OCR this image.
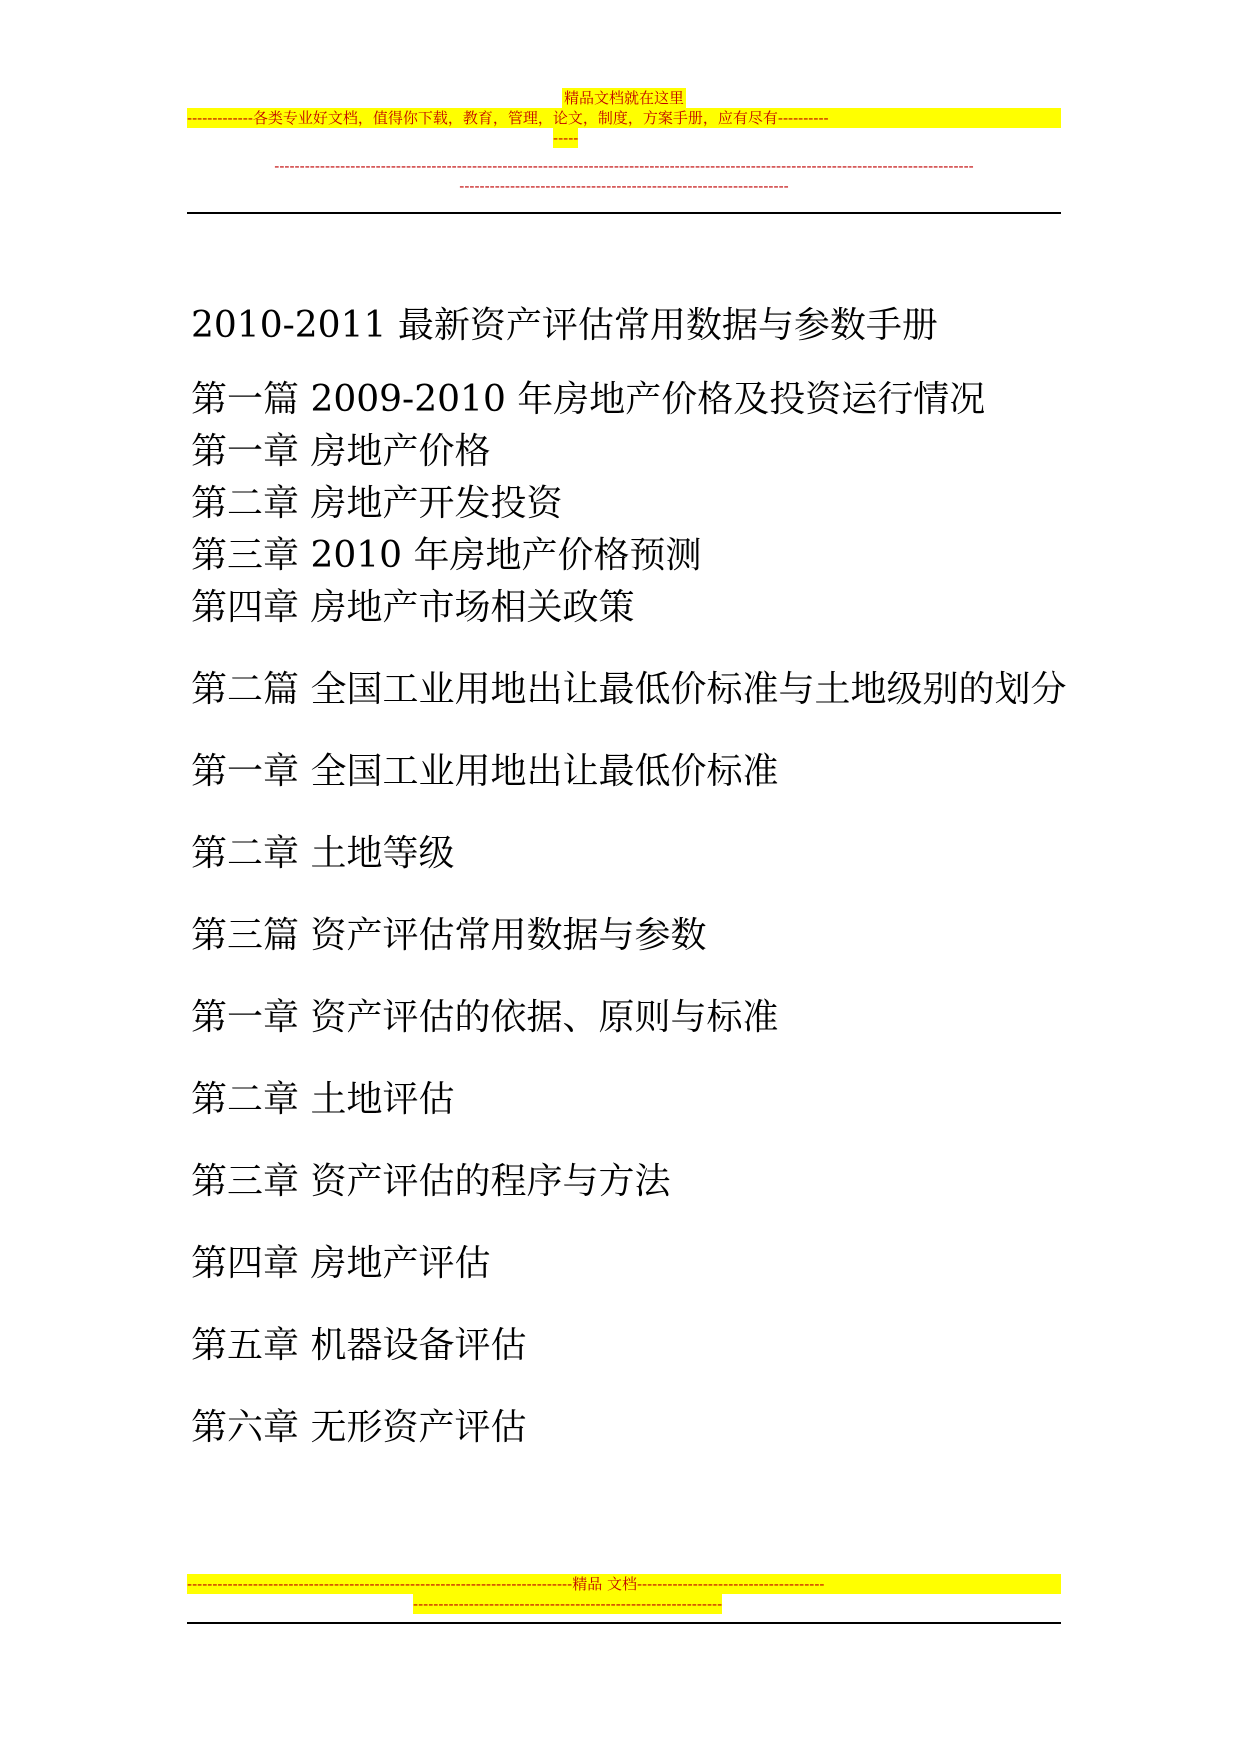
精品文档就在这里
-------------各类专业好文档，值得你下载，教育，管理，论文，制度，方案手册，应有尽有----------
-----
------------------------------------------------------------------------------------------------------------------------------------------
-----------------------------------------------------------------
2010-2011 最新资产评估常用数据与参数手册
第一篇 2009-2010 年房地产价格及投资运行情况
第一章 房地产价格
第二章 房地产开发投资
第三章 2010 年房地产价格预测
第四章 房地产市场相关政策
第二篇 全国工业用地出让最低价标准与土地级别的划分
第一章 全国工业用地出让最低价标准
第二章 土地等级
第三篇 资产评估常用数据与参数
第一章 资产评估的依据、原则与标准
第二章 土地评估
第三章 资产评估的程序与方法
第四章 房地产评估
第五章 机器设备评估
第六章 无形资产评估
----------------------------------------------------------------------------精品 文档-------------------------------------
-------------------------------------------------------------
